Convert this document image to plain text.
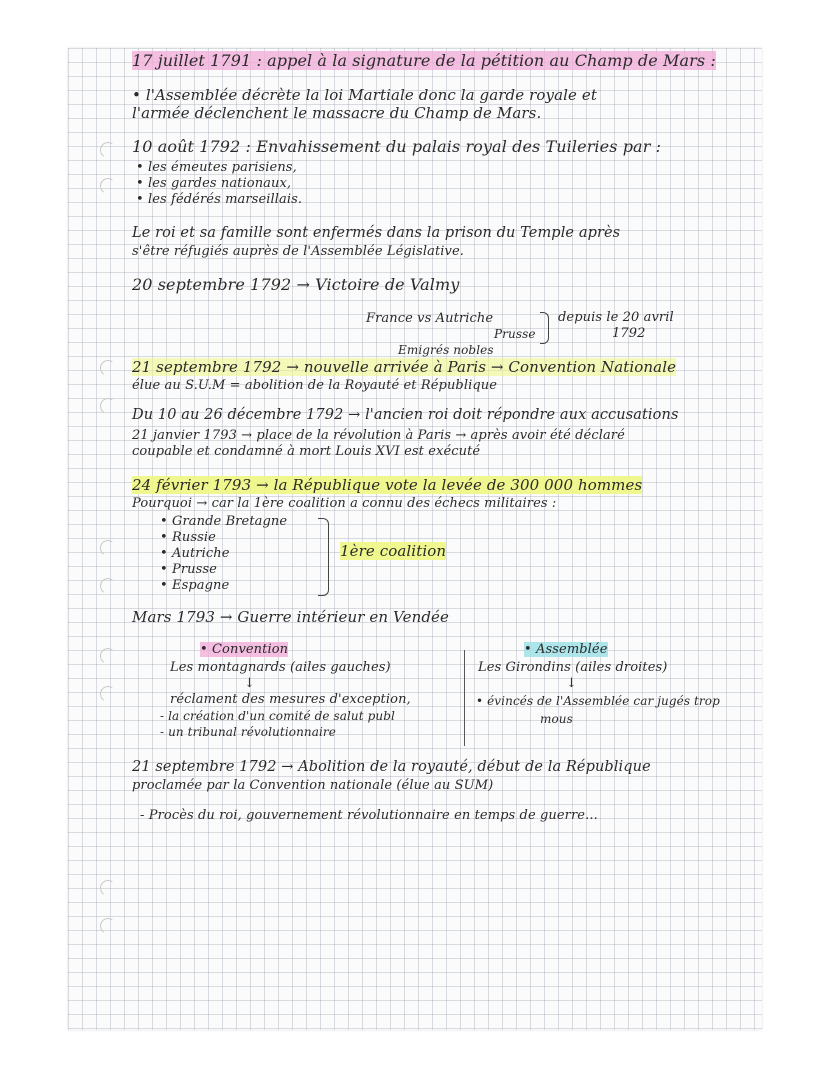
17 juillet 1791 : appel à la signature de la pétition au Champ de Mars :
• l'Assemblée décrète la loi Martiale donc la garde royale et
l'armée déclenchent le massacre du Champ de Mars.
10 août 1792 : Envahissement du palais royal des Tuileries par :
• les émeutes parisiens,
• les gardes nationaux,
• les fédérés marseillais.
Le roi et sa famille sont enfermés dans la prison du Temple après
s'être réfugiés auprès de l'Assemblée Législative.
20 septembre 1792 → Victoire de Valmy
France vs Autriche
Prusse
Emigrés nobles
depuis le 20 avril
1792
21 septembre 1792 → nouvelle arrivée à Paris → Convention Nationale
élue au S.U.M = abolition de la Royauté et République
Du 10 au 26 décembre 1792 → l'ancien roi doit répondre aux accusations
21 janvier 1793 → place de la révolution à Paris → après avoir été déclaré
coupable et condamné à mort Louis XVI est exécuté
24 février 1793 → la République vote la levée de 300 000 hommes
Pourquoi → car la 1ère coalition a connu des échecs militaires :
• Grande Bretagne
• Russie
• Autriche
• Prusse
• Espagne
1ère coalition
Mars 1793 → Guerre intérieur en Vendée
• Convention
Les montagnards (ailes gauches)
↓
réclament des mesures d'exception,
- la création d'un comité de salut publ
- un tribunal révolutionnaire
• Assemblée
Les Girondins (ailes droites)
↓
• évincés de l'Assemblée car jugés trop
mous
21 septembre 1792 → Abolition de la royauté, début de la République
proclamée par la Convention nationale (élue au SUM)
- Procès du roi, gouvernement révolutionnaire en temps de guerre...
